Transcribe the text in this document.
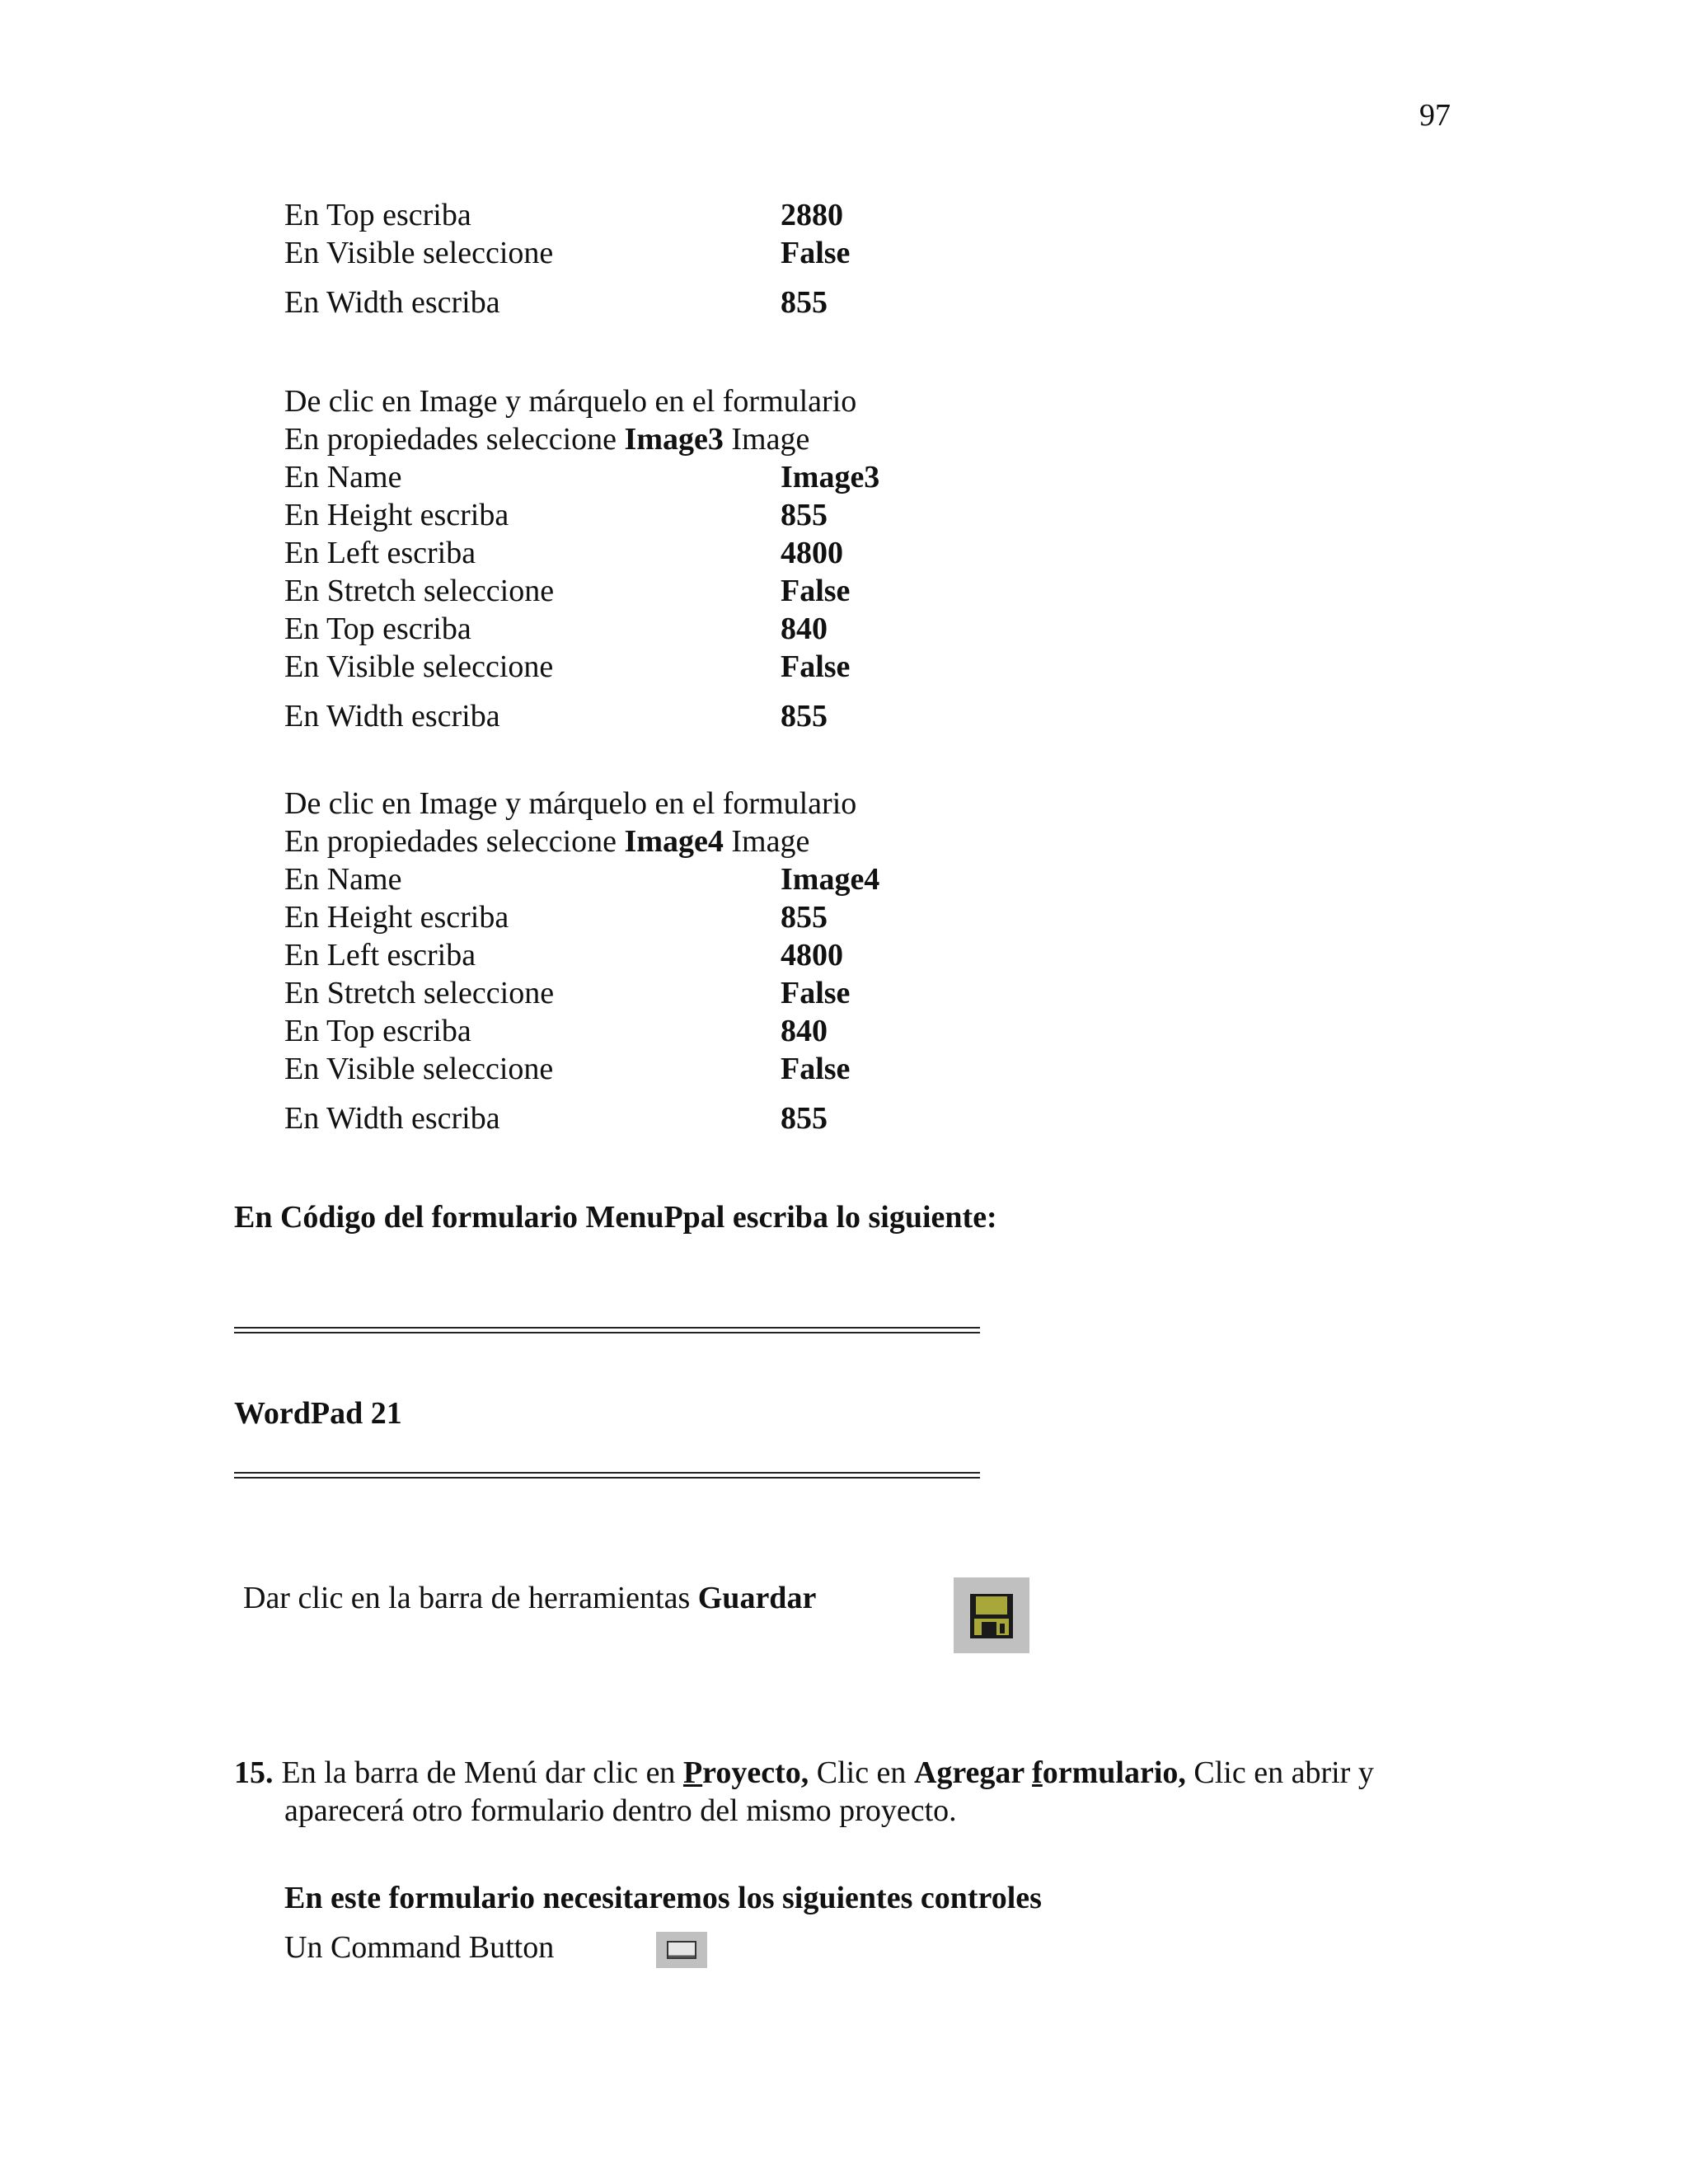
97
En Top escriba	2880
En Visible seleccione	False
En Width escriba	855
De clic en Image y márquelo en el formulario
En propiedades seleccione Image3 Image
En Name	Image3
En Height escriba	855
En Left escriba	4800
En Stretch seleccione	False
En Top escriba	840
En Visible seleccione	False
En Width escriba	855
De clic en Image y márquelo en el formulario
En propiedades seleccione Image4 Image
En Name	Image4
En Height escriba	855
En Left escriba	4800
En Stretch seleccione	False
En Top escriba	840
En Visible seleccione	False
En Width escriba	855
En Código del formulario MenuPpal escriba lo siguiente:
WordPad 21
Dar clic en la barra de herramientas Guardar
15. En la barra de Menú dar clic en Proyecto, Clic en Agregar formulario, Clic en abrir y
aparecerá otro formulario dentro del mismo proyecto.
En este formulario necesitaremos los siguientes controles
Un Command Button
